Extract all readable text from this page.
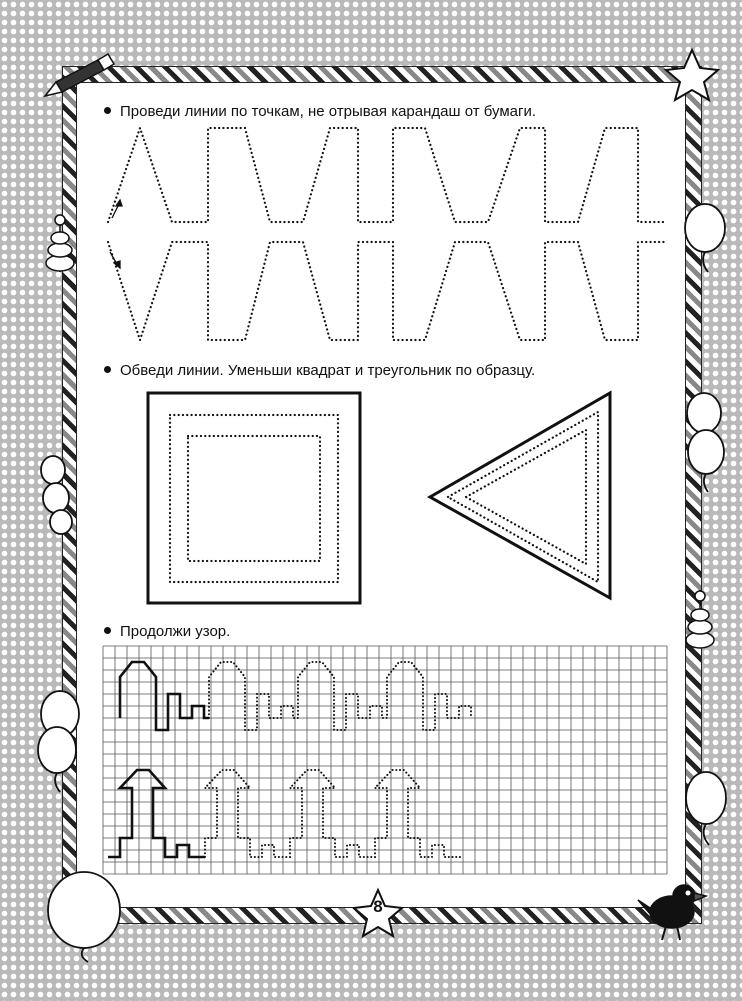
Проведи линии по точкам, не отрывая карандаш от бумаги.
Обведи линии. Уменьши квадрат и треугольник по образцу.
Продолжи узор.
8
